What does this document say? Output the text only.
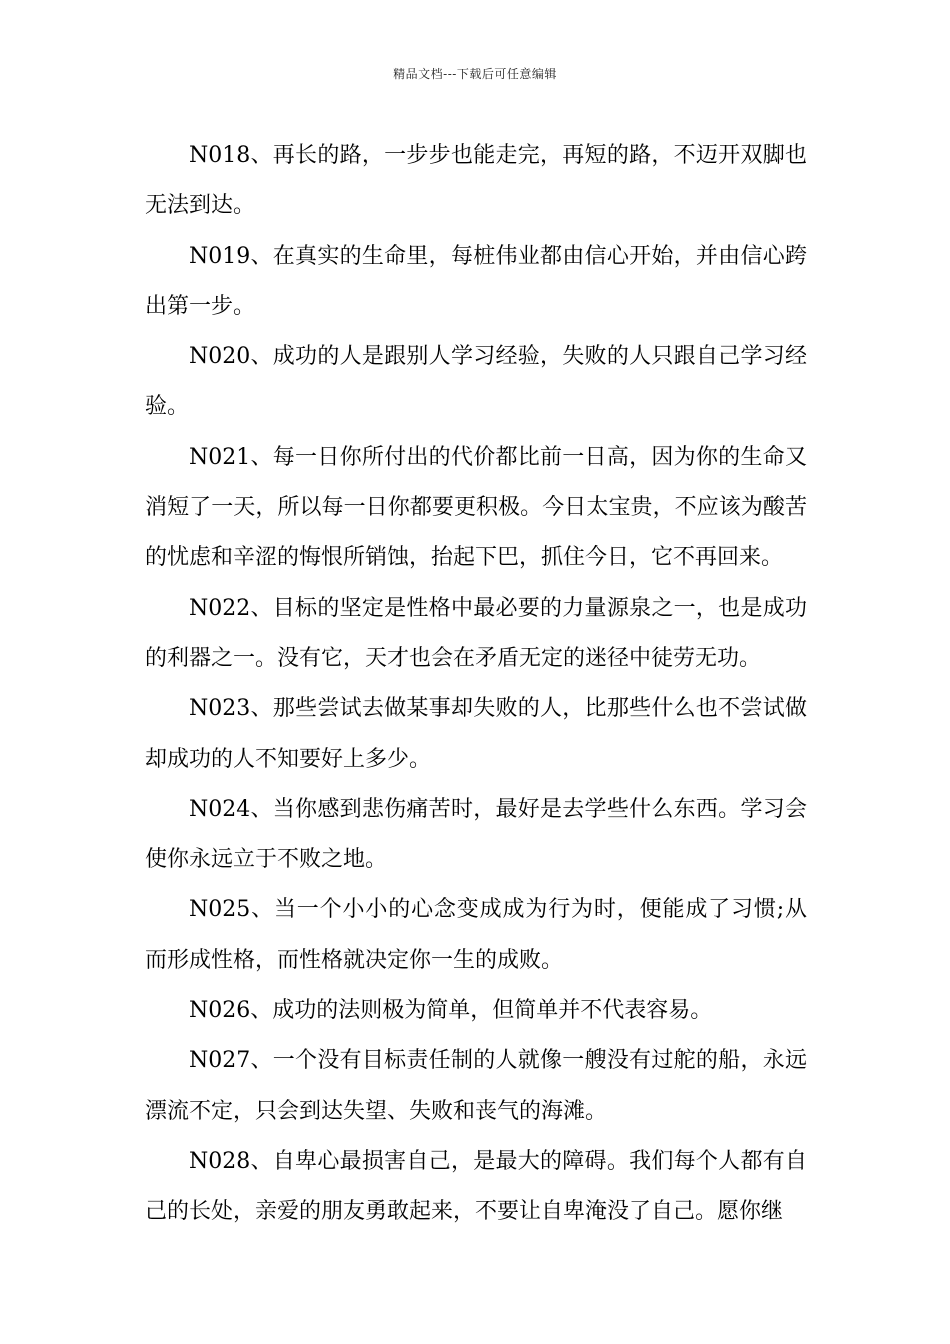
精品文档---下载后可任意编辑

N018、再长的路，一步步也能走完，再短的路，不迈开双脚也无法到达。

N019、在真实的生命里，每桩伟业都由信心开始，并由信心跨出第一步。

N020、成功的人是跟别人学习经验，失败的人只跟自己学习经验。

N021、每一日你所付出的代价都比前一日高，因为你的生命又消短了一天，所以每一日你都要更积极。今日太宝贵，不应该为酸苦的忧虑和辛涩的悔恨所销蚀，抬起下巴，抓住今日，它不再回来。

N022、目标的坚定是性格中最必要的力量源泉之一，也是成功的利器之一。没有它，天才也会在矛盾无定的迷径中徒劳无功。

N023、那些尝试去做某事却失败的人，比那些什么也不尝试做却成功的人不知要好上多少。

N024、当你感到悲伤痛苦时，最好是去学些什么东西。学习会使你永远立于不败之地。

N025、当一个小小的心念变成成为行为时，便能成了习惯;从而形成性格，而性格就决定你一生的成败。

N026、成功的法则极为简单，但简单并不代表容易。

N027、一个没有目标责任制的人就像一艘没有过舵的船，永远漂流不定，只会到达失望、失败和丧气的海滩。

N028、自卑心最损害自己，是最大的障碍。我们每个人都有自己的长处，亲爱的朋友勇敢起来，不要让自卑淹没了自己。愿你继
